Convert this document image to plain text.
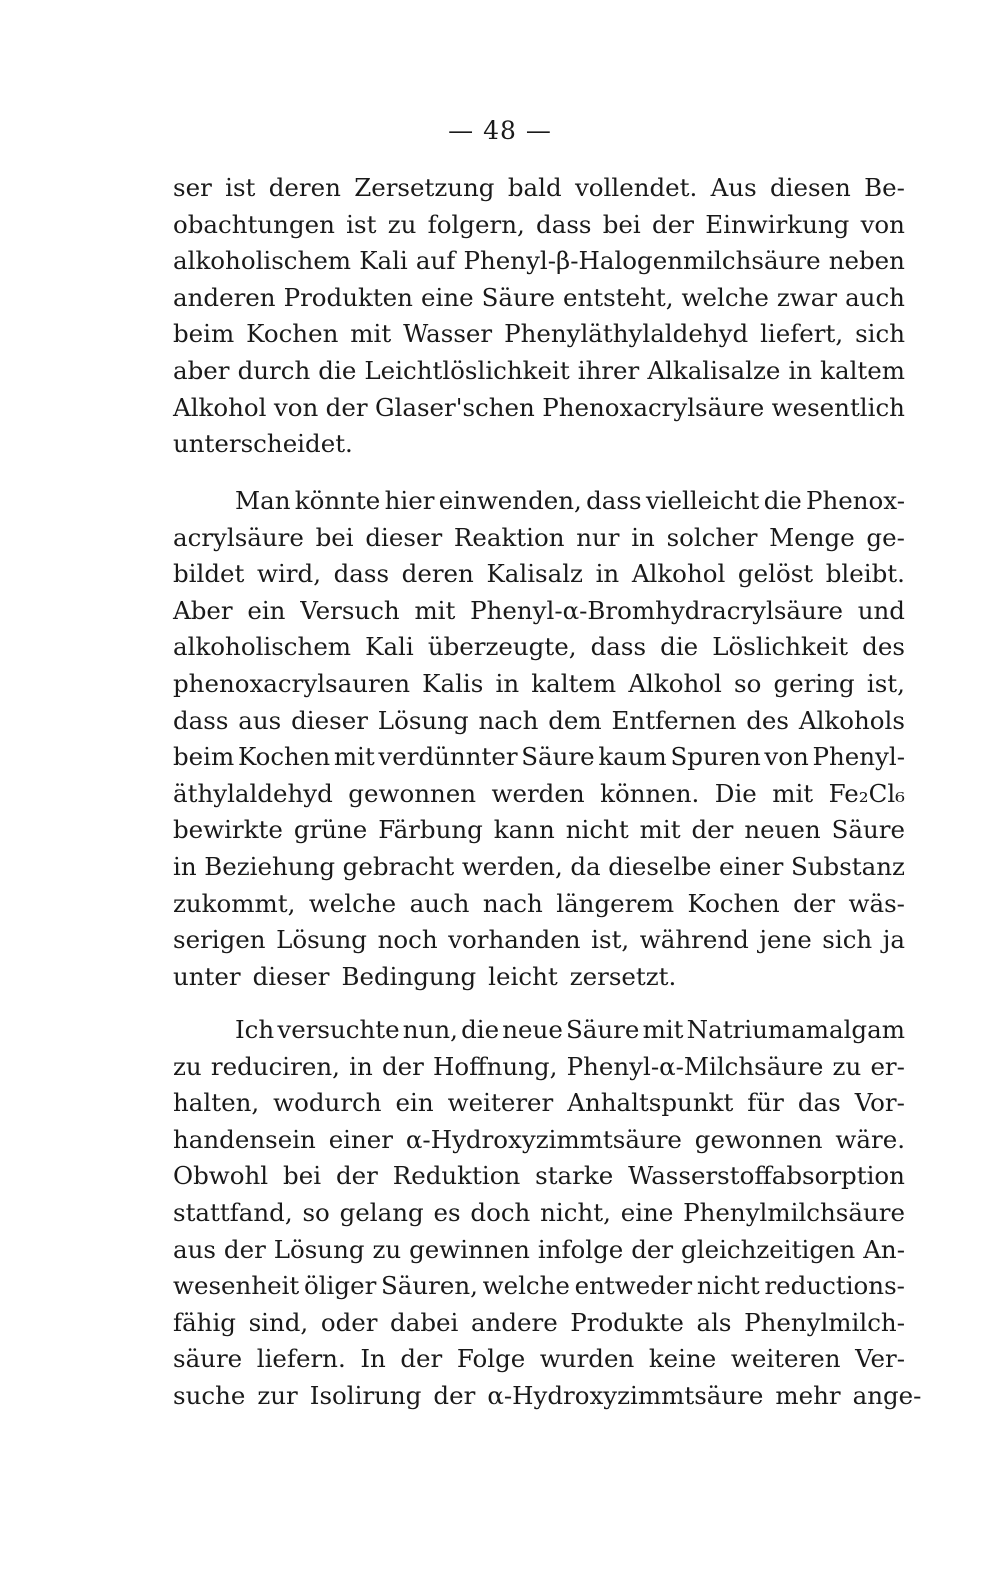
— 48 —
ser ist deren Zersetzung bald vollendet. Aus diesen Be-
obachtungen ist zu folgern, dass bei der Einwirkung von
alkoholischem Kali auf Phenyl-β-Halogenmilchsäure neben
anderen Produkten eine Säure entsteht, welche zwar auch
beim Kochen mit Wasser Phenyläthylaldehyd liefert, sich
aber durch die Leichtlöslichkeit ihrer Alkalisalze in kaltem
Alkohol von der Glaser'schen Phenoxacrylsäure wesentlich
unterscheidet.
Man könnte hier einwenden, dass vielleicht die Phenox-
acrylsäure bei dieser Reaktion nur in solcher Menge ge-
bildet wird, dass deren Kalisalz in Alkohol gelöst bleibt.
Aber ein Versuch mit Phenyl-α-Bromhydracrylsäure und
alkoholischem Kali überzeugte, dass die Löslichkeit des
phenoxacrylsauren Kalis in kaltem Alkohol so gering ist,
dass aus dieser Lösung nach dem Entfernen des Alkohols
beim Kochen mit verdünnter Säure kaum Spuren von Phenyl-
äthylaldehyd gewonnen werden können. Die mit Fe₂Cl₆
bewirkte grüne Färbung kann nicht mit der neuen Säure
in Beziehung gebracht werden, da dieselbe einer Substanz
zukommt, welche auch nach längerem Kochen der wäs-
serigen Lösung noch vorhanden ist, während jene sich ja
unter dieser Bedingung leicht zersetzt.
Ich versuchte nun, die neue Säure mit Natriumamalgam
zu reduciren, in der Hoffnung, Phenyl-α-Milchsäure zu er-
halten, wodurch ein weiterer Anhaltspunkt für das Vor-
handensein einer α-Hydroxyzimmtsäure gewonnen wäre.
Obwohl bei der Reduktion starke Wasserstoffabsorption
stattfand, so gelang es doch nicht, eine Phenylmilchsäure
aus der Lösung zu gewinnen infolge der gleichzeitigen An-
wesenheit öliger Säuren, welche entweder nicht reductions-
fähig sind, oder dabei andere Produkte als Phenylmilch-
säure liefern. In der Folge wurden keine weiteren Ver-
suche zur Isolirung der α-Hydroxyzimmtsäure mehr ange-
